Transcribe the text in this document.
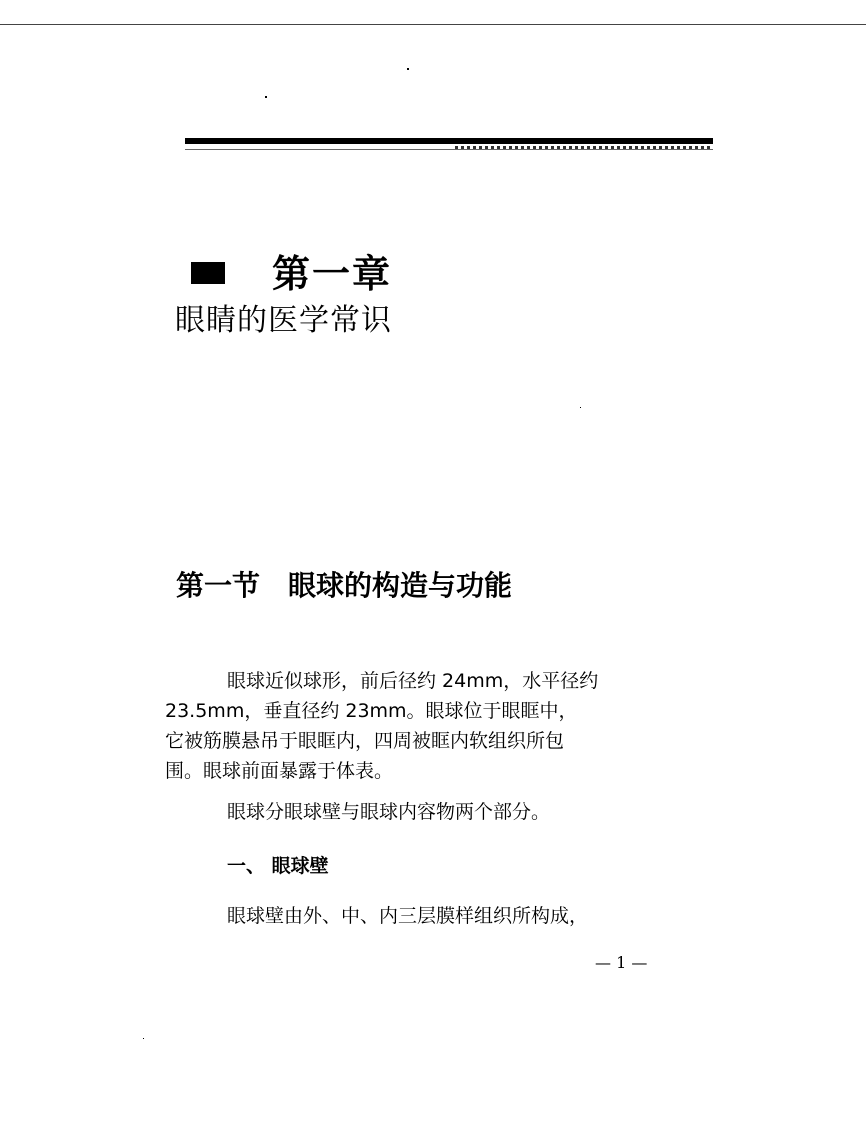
第一章
眼睛的医学常识
第一节 眼球的构造与功能
眼球近似球形，前后径约 24mm，水平径约
23.5mm，垂直径约 23mm。眼球位于眼眶中，
它被筋膜悬吊于眼眶内，四周被眶内软组织所包
围。眼球前面暴露于体表。
眼球分眼球壁与眼球内容物两个部分。
一、 眼球壁
眼球壁由外、中、内三层膜样组织所构成，
— 1 —
